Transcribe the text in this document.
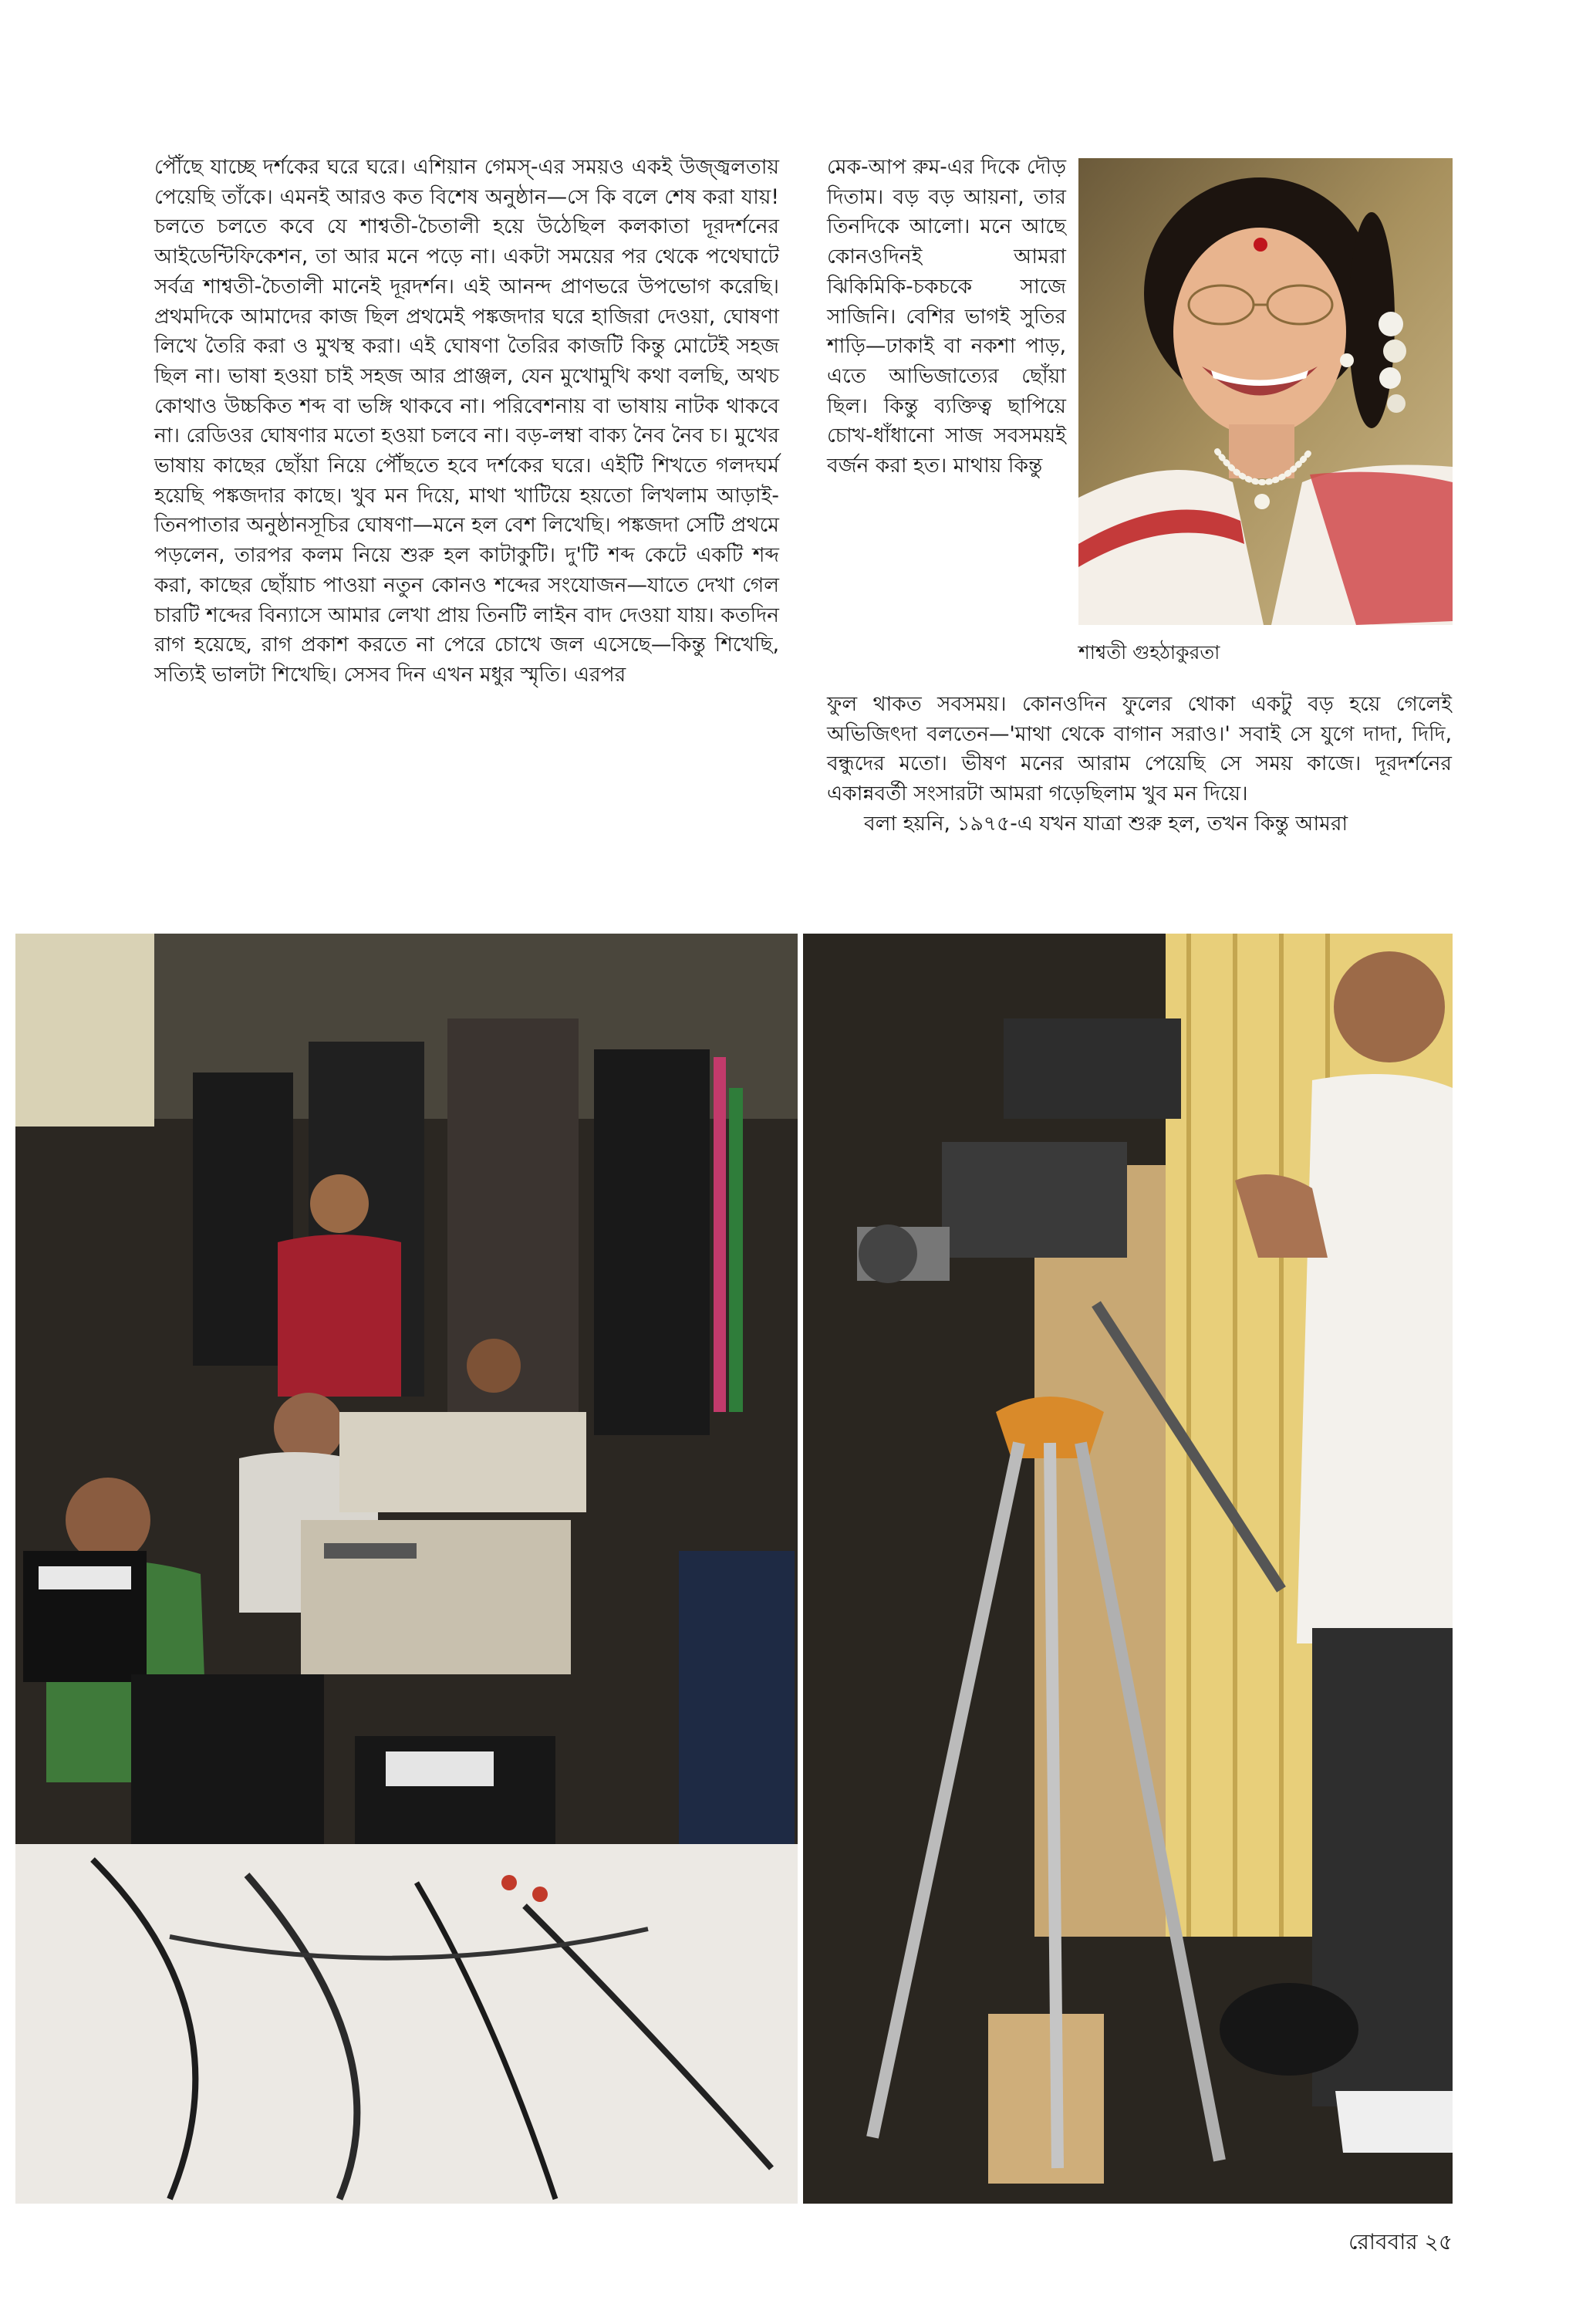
পৌঁছে যাচ্ছে দর্শকের ঘরে ঘরে। এশিয়ান গেমস্-এর সময়ও একই উজ্জ্বলতায় পেয়েছি তাঁকে। এমনই আরও কত বিশেষ অনুষ্ঠান—সে কি বলে শেষ করা যায়! চলতে চলতে কবে যে শাশ্বতী-চৈতালী হয়ে উঠেছিল কলকাতা দূরদর্শনের আইডেন্টিফিকেশন, তা আর মনে পড়ে না। একটা সময়ের পর থেকে পথেঘাটে সর্বত্র শাশ্বতী-চৈতালী মানেই দূরদর্শন। এই আনন্দ প্রাণভরে উপভোগ করেছি। প্রথমদিকে আমাদের কাজ ছিল প্রথমেই পঙ্কজদার ঘরে হাজিরা দেওয়া, ঘোষণা লিখে তৈরি করা ও মুখস্থ করা। এই ঘোষণা তৈরির কাজটি কিন্তু মোটেই সহজ ছিল না। ভাষা হওয়া চাই সহজ আর প্রাঞ্জল, যেন মুখোমুখি কথা বলছি, অথচ কোথাও উচ্চকিত শব্দ বা ভঙ্গি থাকবে না। পরিবেশনায় বা ভাষায় নাটক থাকবে না। রেডিওর ঘোষণার মতো হওয়া চলবে না। বড়-লম্বা বাক্য নৈব নৈব চ। মুখের ভাষায় কাছের ছোঁয়া নিয়ে পৌঁছতে হবে দর্শকের ঘরে। এইটি শিখতে গলদঘর্ম হয়েছি পঙ্কজদার কাছে। খুব মন দিয়ে, মাথা খাটিয়ে হয়তো লিখলাম আড়াই-তিনপাতার অনুষ্ঠানসূচির ঘোষণা—মনে হল বেশ লিখেছি। পঙ্কজদা সেটি প্রথমে পড়লেন, তারপর কলম নিয়ে শুরু হল কাটাকুটি। দু'টি শব্দ কেটে একটি শব্দ করা, কাছের ছোঁয়াচ পাওয়া নতুন কোনও শব্দের সংযোজন—যাতে দেখা গেল চারটি শব্দের বিন্যাসে আমার লেখা প্রায় তিনটি লাইন বাদ দেওয়া যায়। কতদিন রাগ হয়েছে, রাগ প্রকাশ করতে না পেরে চোখে জল এসেছে—কিন্তু শিখেছি, সত্যিই ভালটা শিখেছি। সেসব দিন এখন মধুর স্মৃতি। এরপর

মেক-আপ রুম-এর দিকে দৌড় দিতাম। বড় বড় আয়না, তার তিনদিকে আলো। মনে আছে কোনওদিনই আমরা ঝিকিমিকি-চকচকে সাজে সাজিনি। বেশির ভাগই সুতির শাড়ি—ঢাকাই বা নকশা পাড়, এতে আভিজাত্যের ছোঁয়া ছিল। কিন্তু ব্যক্তিত্ব ছাপিয়ে চোখ-ধাঁধানো সাজ সবসময়ই বর্জন করা হত। মাথায় কিন্তু

ফুল থাকত সবসময়। কোনওদিন ফুলের থোকা একটু বড় হয়ে গেলেই অভিজিৎদা বলতেন—'মাথা থেকে বাগান সরাও।' সবাই সে যুগে দাদা, দিদি, বন্ধুদের মতো। ভীষণ মনের আরাম পেয়েছি সে সময় কাজে। দূরদর্শনের একান্নবর্তী সংসারটা আমরা গড়েছিলাম খুব মন দিয়ে।

বলা হয়নি, ১৯৭৫-এ যখন যাত্রা শুরু হল, তখন কিন্তু আমরা

শাশ্বতী গুহঠাকুরতা
রোববার ২৫
